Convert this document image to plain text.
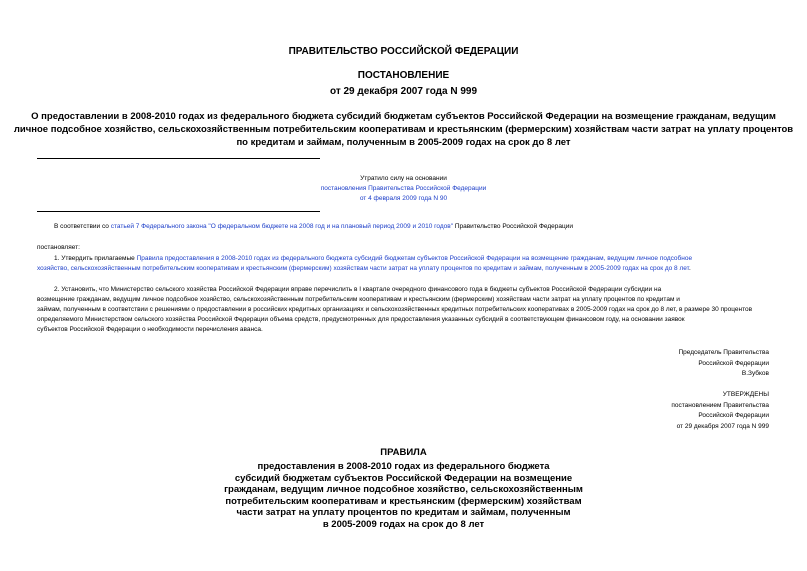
ПРАВИТЕЛЬСТВО РОССИЙСКОЙ ФЕДЕРАЦИИ
ПОСТАНОВЛЕНИЕ
от 29 декабря 2007 года N 999
О предоставлении в 2008-2010 годах из федерального бюджета субсидий бюджетам субъектов Российской Федерации на возмещение гражданам, ведущим
личное подсобное хозяйство, сельскохозяйственным потребительским кооперативам и крестьянским (фермерским) хозяйствам части затрат на уплату процентов
по кредитам и займам, полученным в 2005-2009 годах на срок до 8 лет
Утратило силу на основании
постановления Правительства Российской Федерации
от 4 февраля 2009 года N 90
В соответствии со статьей 7 Федерального закона "О федеральном бюджете на 2008 год и на плановый период 2009 и 2010 годов" Правительство Российской Федерации
постановляет:
1. Утвердить прилагаемые Правила предоставления в 2008-2010 годах из федерального бюджета субсидий бюджетам субъектов Российской Федерации на возмещение гражданам, ведущим личное подсобное
хозяйство, сельскохозяйственным потребительским кооперативам и крестьянским (фермерским) хозяйствам части затрат на уплату процентов по кредитам и займам, полученным в 2005-2009 годах на срок до 8 лет.
2. Установить, что Министерство сельского хозяйства Российской Федерации вправе перечислить в I квартале очередного финансового года в бюджеты субъектов Российской Федерации субсидии на
возмещение гражданам, ведущим личное подсобное хозяйство, сельскохозяйственным потребительским кооперативам и крестьянским (фермерским) хозяйствам части затрат на уплату процентов по кредитам и
займам, полученным в соответствии с решениями о предоставлении в российских кредитных организациях и сельскохозяйственных кредитных потребительских кооперативах в 2005-2009 годах на срок до 8 лет, в размере 30 процентов
определяемого Министерством сельского хозяйства Российской Федерации объема средств, предусмотренных для предоставления указанных субсидий в соответствующем финансовом году, на основании заявок
субъектов Российской Федерации о необходимости перечисления аванса.
Председатель Правительства
Российской Федерации
В.Зубков
УТВЕРЖДЕНЫ
постановлением Правительства
Российской Федерации
от 29 декабря 2007 года N 999
ПРАВИЛА
предоставления в 2008-2010 годах из федерального бюджета
субсидий бюджетам субъектов Российской Федерации на возмещение
гражданам, ведущим личное подсобное хозяйство, сельскохозяйственным
потребительским кооперативам и крестьянским (фермерским) хозяйствам
части затрат на уплату процентов по кредитам и займам, полученным
в 2005-2009 годах на срок до 8 лет
